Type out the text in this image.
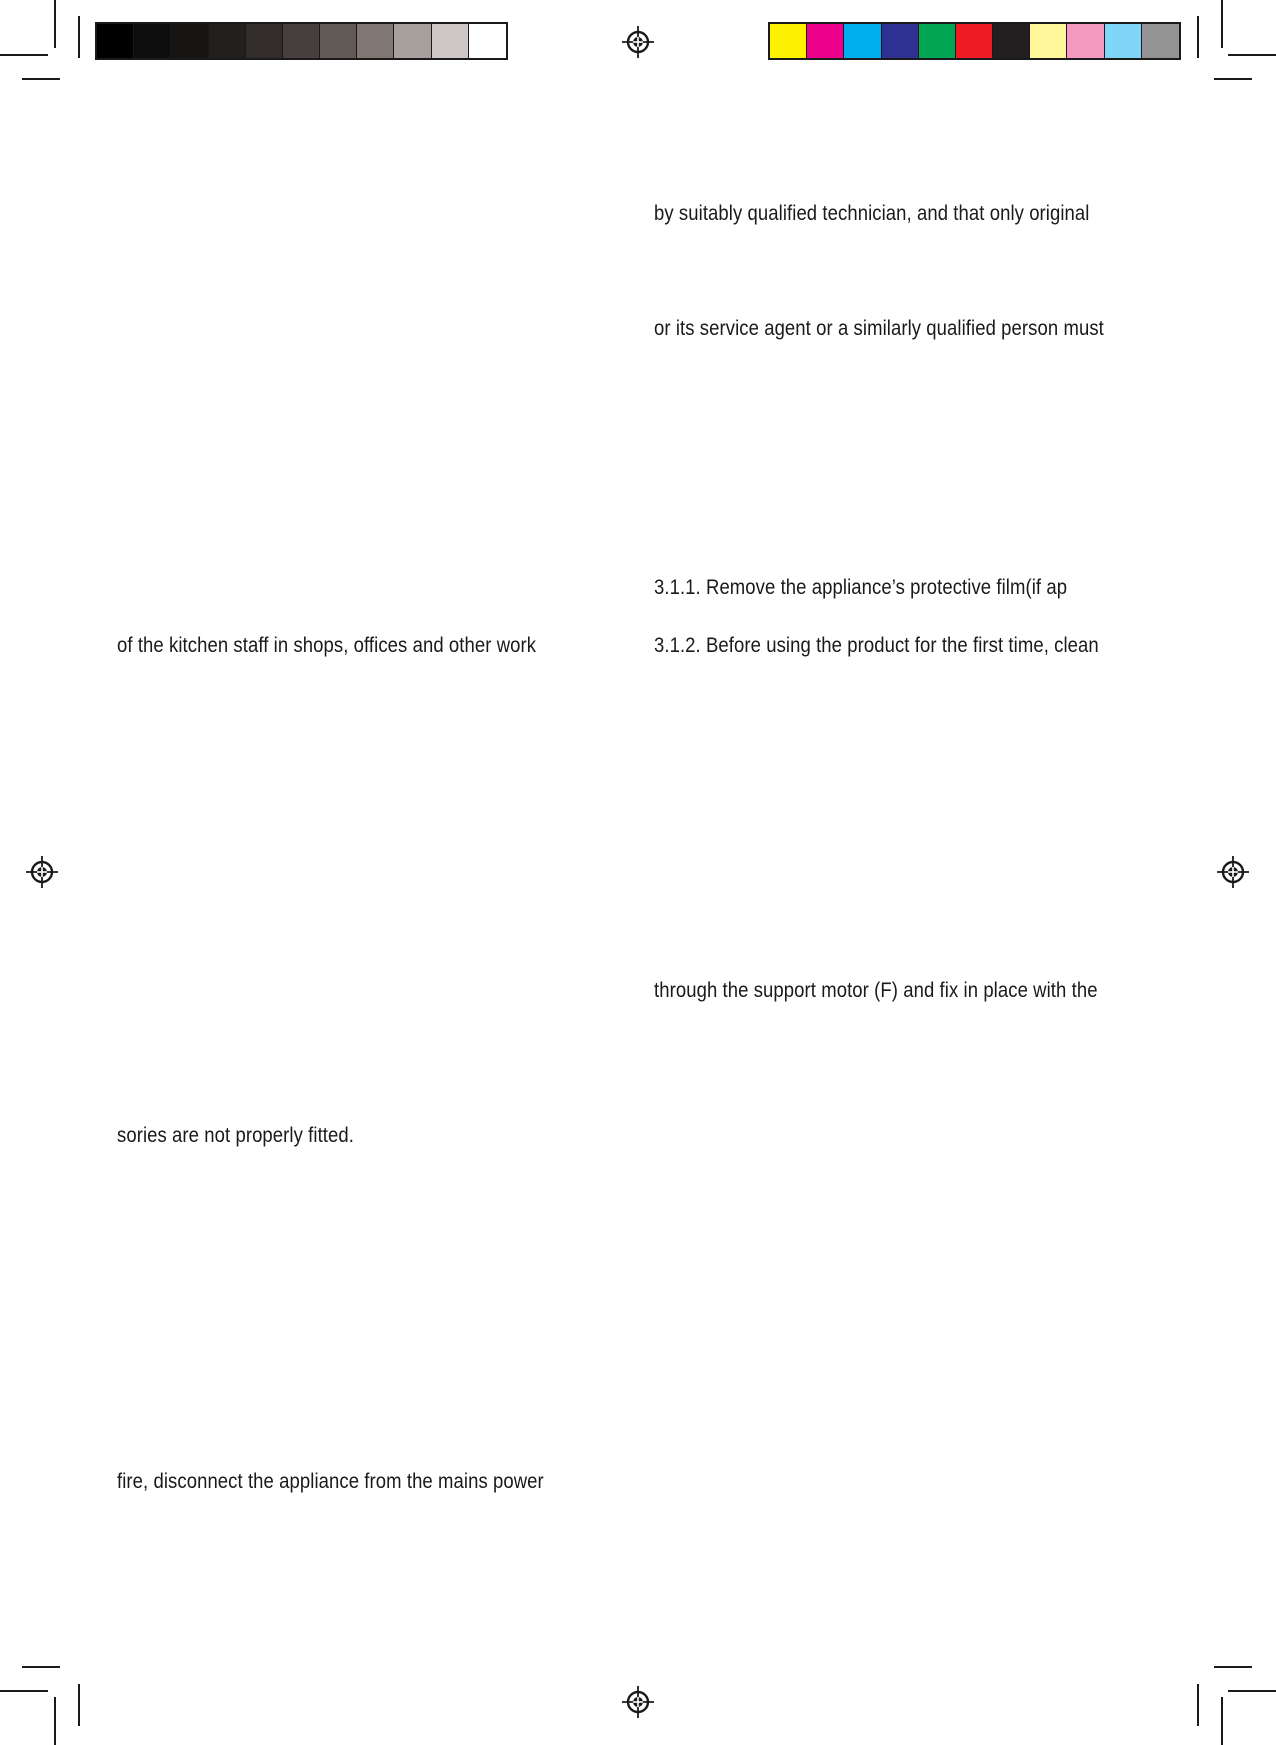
of the kitchen staff in shops, offices and other work
sories are not properly fitted.
fire, disconnect the appliance from the mains power
by suitably qualified technician, and that only original
or its service agent or a similarly qualified person must
3.1.1. Remove the appliance’s protective film(if ap
3.1.2. Before using the product for the first time, clean
through the support motor (F) and fix in place with the
